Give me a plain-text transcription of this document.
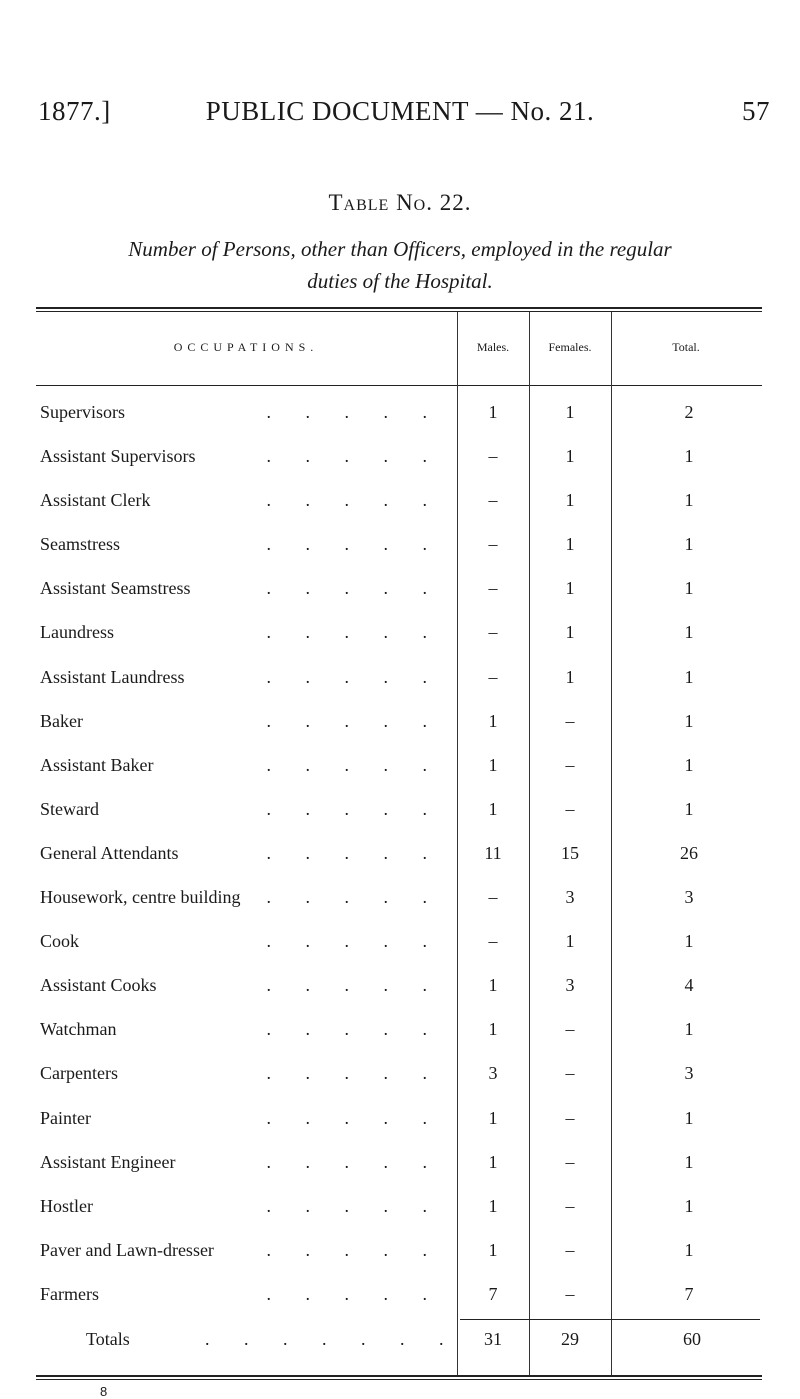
1877.]	PUBLIC DOCUMENT — No. 21.	57
Table No. 22.
Number of Persons, other than Officers, employed in the regular
duties of the Hospital.
OCCUPATIONS.	Males.	Females.	Total.
Supervisors	. . . . .	1	1	2
Assistant Supervisors	. . . . .	–	1	1
Assistant Clerk	. . . . .	–	1	1
Seamstress	. . . . .	–	1	1
Assistant Seamstress	. . . . .	–	1	1
Laundress	. . . . .	–	1	1
Assistant Laundress	. . . . .	–	1	1
Baker	. . . . .	1	–	1
Assistant Baker	. . . . .	1	–	1
Steward	. . . . .	1	–	1
General Attendants	. . . . .	11	15	26
Housework, centre building . . . . .	–	3	3
Cook	. . . . .	–	1	1
Assistant Cooks	. . . . .	1	3	4
Watchman	. . . . .	1	–	1
Carpenters	. . . . .	3	–	3
Painter	. . . . .	1	–	1
Assistant Engineer	. . . . .	1	–	1
Hostler	. . . . .	1	–	1
Paver and Lawn-dresser	. . . . .	1	–	1
Farmers	. . . . .	7	–	7
Totals	. . . . . . .	31	29	60
8
